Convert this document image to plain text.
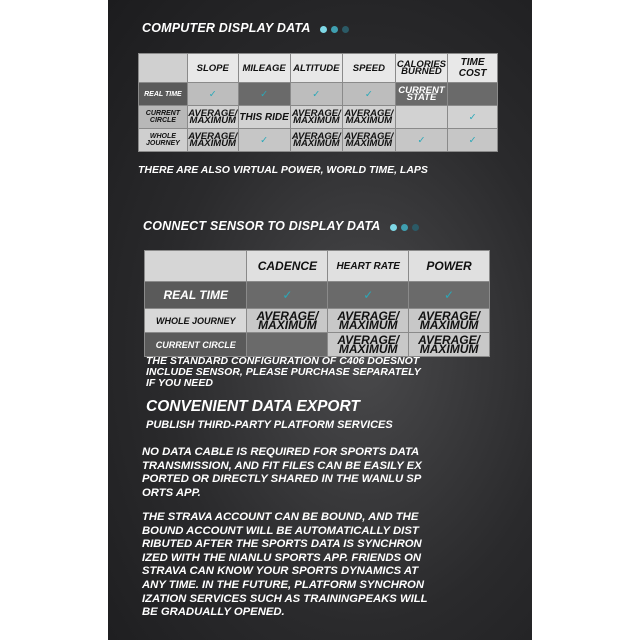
COMPUTER DISPLAY DATA
	SLOPE	MILEAGE	ALTITUDE	SPEED	CALORIES BURNED	TIME COST
REAL TIME	✓	✓	✓	✓	CURRENT STATE	
CURRENT CIRCLE	AVERAGE/ MAXIMUM	THIS RIDE	AVERAGE/ MAXIMUM	AVERAGE/ MAXIMUM		✓
WHOLE JOURNEY	AVERAGE/ MAXIMUM	✓	AVERAGE/ MAXIMUM	AVERAGE/ MAXIMUM	✓	✓
THERE ARE ALSO VIRTUAL POWER, WORLD TIME, LAPS
CONNECT SENSOR TO DISPLAY DATA
	CADENCE	HEART RATE	POWER
REAL TIME	✓	✓	✓
WHOLE JOURNEY	AVERAGE/ MAXIMUM	AVERAGE/ MAXIMUM	AVERAGE/ MAXIMUM
CURRENT CIRCLE		AVERAGE/ MAXIMUM	AVERAGE/ MAXIMUM
THE STANDARD CONFIGURATION OF C406 DOESNOT
INCLUDE SENSOR, PLEASE PURCHASE SEPARATELY
IF YOU NEED
CONVENIENT DATA EXPORT
PUBLISH THIRD-PARTY PLATFORM SERVICES
NO DATA CABLE IS REQUIRED FOR SPORTS DATA
TRANSMISSION, AND FIT FILES CAN BE EASILY EX
PORTED OR DIRECTLY SHARED IN THE WANLU SP
ORTS APP.
THE STRAVA ACCOUNT CAN BE BOUND, AND THE
BOUND ACCOUNT WILL BE AUTOMATICALLY DIST
RIBUTED AFTER THE SPORTS DATA IS SYNCHRON
IZED WITH THE NIANLU SPORTS APP. FRIENDS ON
STRAVA CAN KNOW YOUR SPORTS DYNAMICS AT
ANY TIME. IN THE FUTURE, PLATFORM SYNCHRON
IZATION SERVICES SUCH AS TRAININGPEAKS WILL
BE GRADUALLY OPENED.
